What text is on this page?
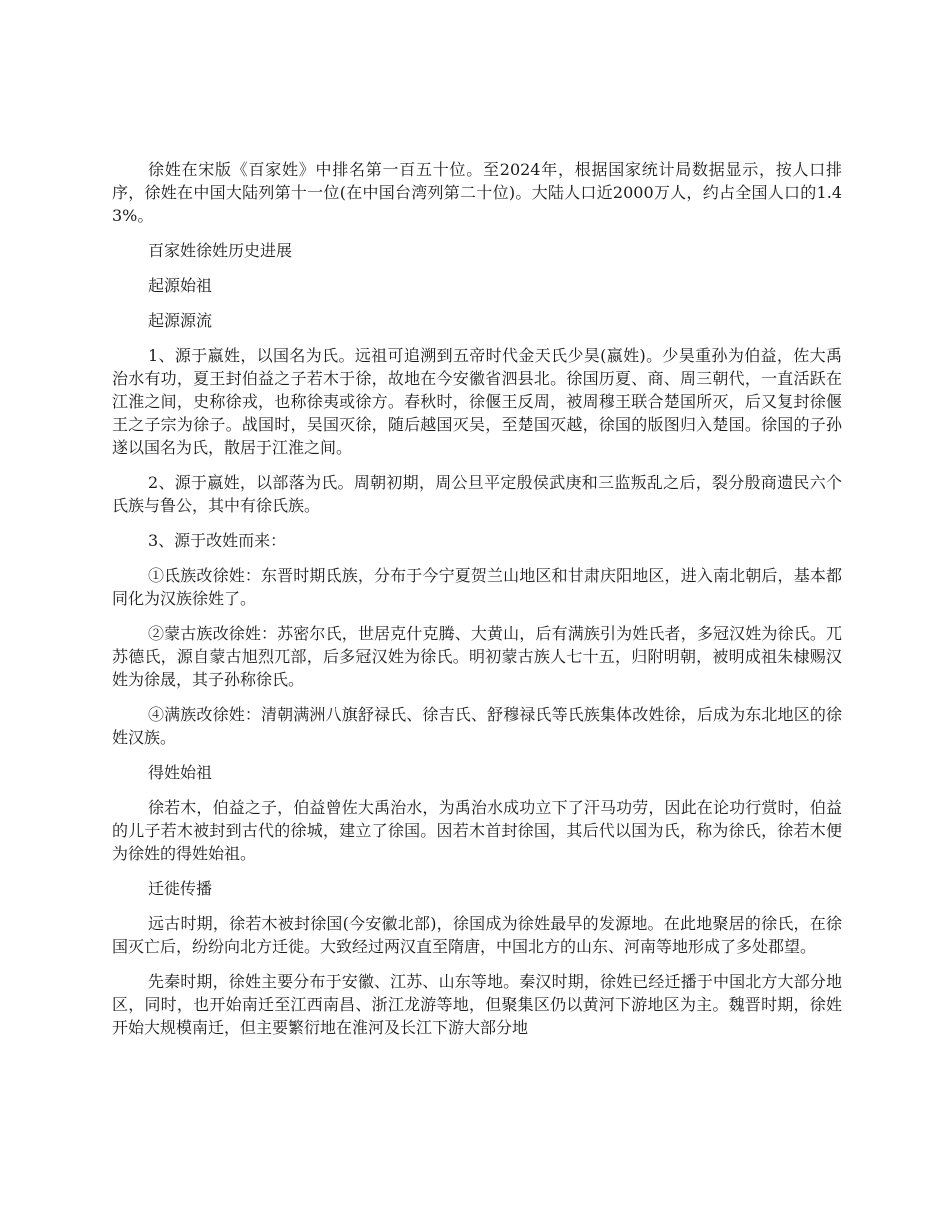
徐姓在宋版《百家姓》中排名第一百五十位。至2024年，根据国家统计局数据显示，按人口排序，徐姓在中国大陆列第十一位(在中国台湾列第二十位)。大陆人口近2000万人，约占全国人口的1.43%。

百家姓徐姓历史进展

起源始祖

起源源流

1、源于嬴姓，以国名为氏。远祖可追溯到五帝时代金天氏少昊(嬴姓)。少昊重孙为伯益，佐大禹治水有功，夏王封伯益之子若木于徐，故地在今安徽省泗县北。徐国历夏、商、周三朝代，一直活跃在江淮之间，史称徐戎，也称徐夷或徐方。春秋时，徐偃王反周，被周穆王联合楚国所灭，后又复封徐偃王之子宗为徐子。战国时，吴国灭徐，随后越国灭吴，至楚国灭越，徐国的版图归入楚国。徐国的子孙遂以国名为氏，散居于江淮之间。

2、源于嬴姓，以部落为氏。周朝初期，周公旦平定殷侯武庚和三监叛乱之后，裂分殷商遗民六个氏族与鲁公，其中有徐氏族。

3、源于改姓而来：

①氐族改徐姓：东晋时期氐族，分布于今宁夏贺兰山地区和甘肃庆阳地区，进入南北朝后，基本都同化为汉族徐姓了。

②蒙古族改徐姓：苏密尔氏，世居克什克腾、大黄山，后有满族引为姓氏者，多冠汉姓为徐氏。兀苏德氏，源自蒙古旭烈兀部，后多冠汉姓为徐氏。明初蒙古族人七十五，归附明朝，被明成祖朱棣赐汉姓为徐晟，其子孙称徐氏。

④满族改徐姓：清朝满洲八旗舒禄氏、徐吉氏、舒穆禄氏等氏族集体改姓徐，后成为东北地区的徐姓汉族。

得姓始祖

徐若木，伯益之子，伯益曾佐大禹治水，为禹治水成功立下了汗马功劳，因此在论功行赏时，伯益的儿子若木被封到古代的徐城，建立了徐国。因若木首封徐国，其后代以国为氏，称为徐氏，徐若木便为徐姓的得姓始祖。

迁徙传播

远古时期，徐若木被封徐国(今安徽北部)，徐国成为徐姓最早的发源地。在此地聚居的徐氏，在徐国灭亡后，纷纷向北方迁徙。大致经过两汉直至隋唐，中国北方的山东、河南等地形成了多处郡望。

先秦时期，徐姓主要分布于安徽、江苏、山东等地。秦汉时期，徐姓已经迁播于中国北方大部分地区，同时，也开始南迁至江西南昌、浙江龙游等地，但聚集区仍以黄河下游地区为主。魏晋时期，徐姓开始大规模南迁，但主要繁衍地在淮河及长江下游大部分地
